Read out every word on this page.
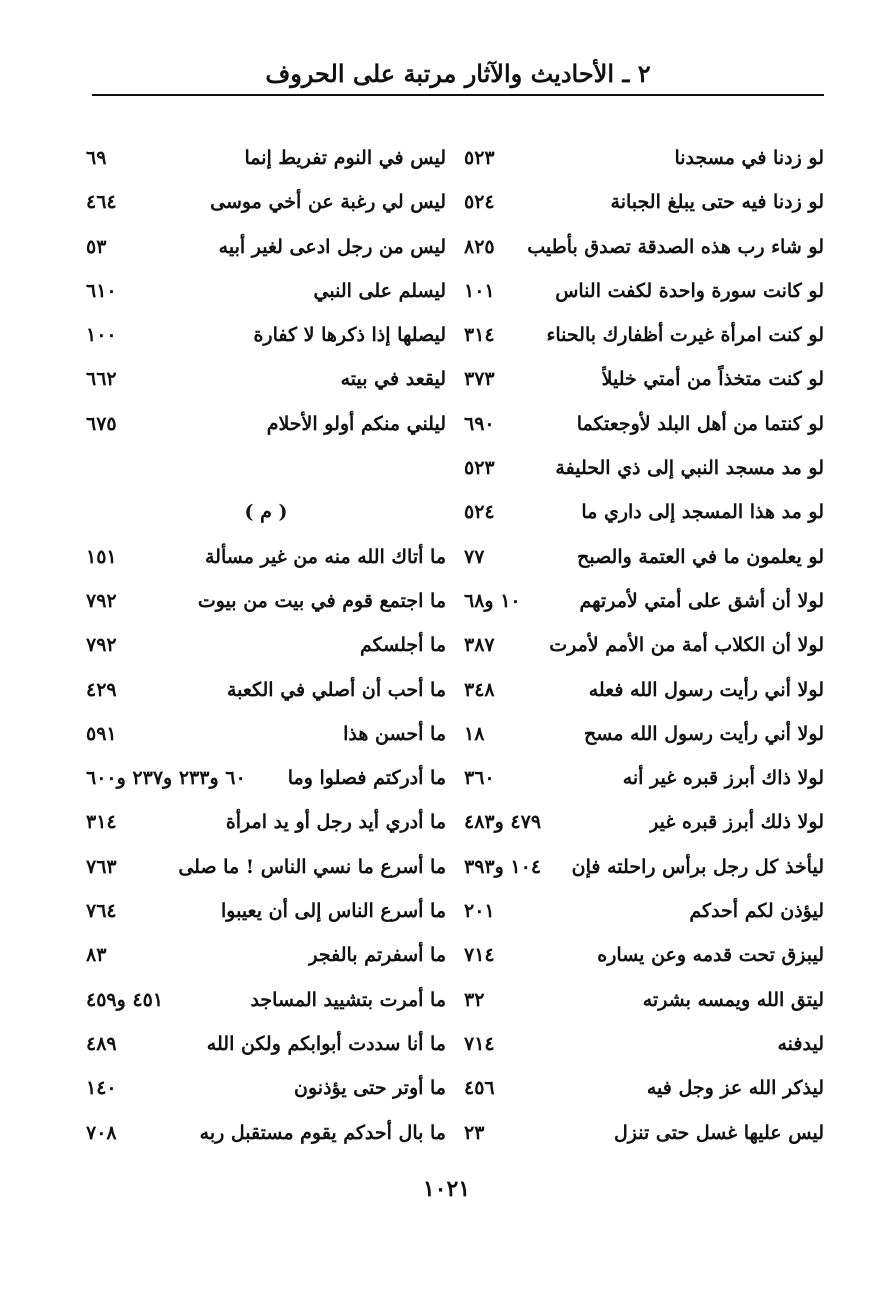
٢ ـ الأحاديث والآثار مرتبة على الحروف
لو زدنا في مسجدنا
٥٢٣
لو زدنا فيه حتى يبلغ الجبانة
٥٢٤
لو شاء رب هذه الصدقة تصدق بأطيب
٨٢٥
لو كانت سورة واحدة لكفت الناس
١٠١
لو كنت امرأة غيرت أظفارك بالحناء
٣١٤
لو كنت متخذاً من أمتي خليلاً
٣٧٣
لو كنتما من أهل البلد لأوجعتكما
٦٩٠
لو مد مسجد النبي إلى ذي الحليفة
٥٢٣
لو مد هذا المسجد إلى داري ما
٥٢٤
لو يعلمون ما في العتمة والصبح
٧٧
لولا أن أشق على أمتي لأمرتهم
١٠ و٦٨
لولا أن الكلاب أمة من الأمم لأمرت
٣٨٧
لولا أني رأيت رسول الله فعله
٣٤٨
لولا أني رأيت رسول الله مسح
١٨
لولا ذاك أبرز قبره غير أنه
٣٦٠
لولا ذلك أبرز قبره غير
٤٧٩ و٤٨٣
ليأخذ كل رجل برأس راحلته فإن
١٠٤ و٣٩٣
ليؤذن لكم أحدكم
٢٠١
ليبزق تحت قدمه وعن يساره
٧١٤
ليتق الله ويمسه بشرته
٣٢
ليدفنه
٧١٤
ليذكر الله عز وجل فيه
٤٥٦
ليس عليها غسل حتى تنزل
٢٣
ليس في النوم تفريط إنما
٦٩
ليس لي رغبة عن أخي موسى
٤٦٤
ليس من رجل ادعى لغير أبيه
٥٣
ليسلم على النبي
٦١٠
ليصلها إذا ذكرها لا كفارة
١٠٠
ليقعد في بيته
٦٦٢
ليلني منكم أولو الأحلام
٦٧٥
( م )
ما أتاك الله منه من غير مسألة
١٥١
ما اجتمع قوم في بيت من بيوت
٧٩٢
ما أجلسكم
٧٩٢
ما أحب أن أصلي في الكعبة
٤٢٩
ما أحسن هذا
٥٩١
ما أدركتم فصلوا وما
٦٠ و٢٣٣ و٢٣٧ و٦٠٠
ما أدري أيد رجل أو يد امرأة
٣١٤
ما أسرع ما نسي الناس ! ما صلى
٧٦٣
ما أسرع الناس إلى أن يعيبوا
٧٦٤
ما أسفرتم بالفجر
٨٣
ما أمرت بتشييد المساجد
٤٥١ و٤٥٩
ما أنا سددت أبوابكم ولكن الله
٤٨٩
ما أوتر حتى يؤذنون
١٤٠
ما بال أحدكم يقوم مستقبل ربه
٧٠٨
١٠٢١
